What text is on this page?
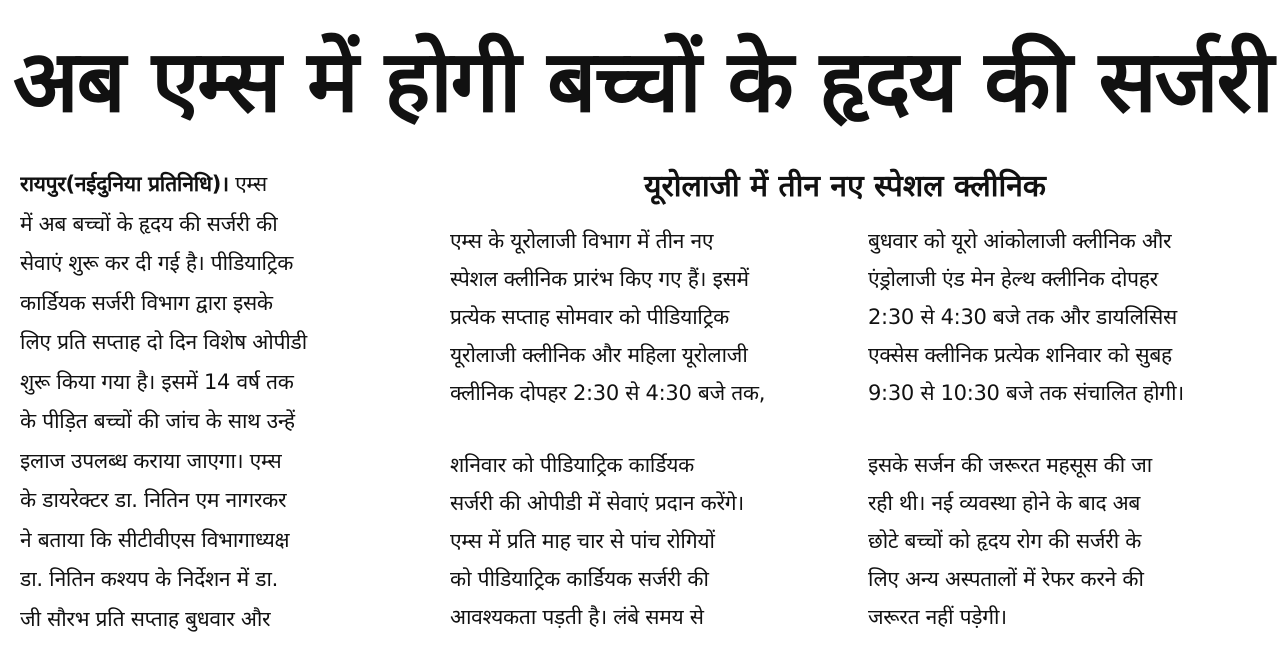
अब एम्स में होगी बच्चों के हृदय की सर्जरी
यूरोलाजी में तीन नए स्पेशल क्लीनिक
रायपुर(नईदुनिया प्रतिनिधि)। एम्स
में अब बच्चों के हृदय की सर्जरी की
सेवाएं शुरू कर दी गई है। पीडियाट्रिक
कार्डियक सर्जरी विभाग द्वारा इसके
लिए प्रति सप्ताह दो दिन विशेष ओपीडी
शुरू किया गया है। इसमें 14 वर्ष तक
के पीड़ित बच्चों की जांच के साथ उन्हें
इलाज उपलब्ध कराया जाएगा। एम्स
के डायरेक्टर डा. नितिन एम नागरकर
ने बताया कि सीटीवीएस विभागाध्यक्ष
डा. नितिन कश्यप के निर्देशन में डा.
जी सौरभ प्रति सप्ताह बुधवार और
एम्स के यूरोलाजी विभाग में तीन नए
स्पेशल क्लीनिक प्रारंभ किए गए हैं। इसमें
प्रत्येक सप्ताह सोमवार को पीडियाट्रिक
यूरोलाजी क्लीनिक और महिला यूरोलाजी
क्लीनिक दोपहर 2:30 से 4:30 बजे तक,
शनिवार को पीडियाट्रिक कार्डियक
सर्जरी की ओपीडी में सेवाएं प्रदान करेंगे।
एम्स में प्रति माह चार से पांच रोगियों
को पीडियाट्रिक कार्डियक सर्जरी की
आवश्यकता पड़ती है। लंबे समय से
बुधवार को यूरो आंकोलाजी क्लीनिक और
एंड्रोलाजी एंड मेन हेल्थ क्लीनिक दोपहर
2:30 से 4:30 बजे तक और डायलिसिस
एक्सेस क्लीनिक प्रत्येक शनिवार को सुबह
9:30 से 10:30 बजे तक संचालित होगी।
इसके सर्जन की जरूरत महसूस की जा
रही थी। नई व्यवस्था होने के बाद अब
छोटे बच्चों को हृदय रोग की सर्जरी के
लिए अन्य अस्पतालों में रेफर करने की
जरूरत नहीं पड़ेगी।
